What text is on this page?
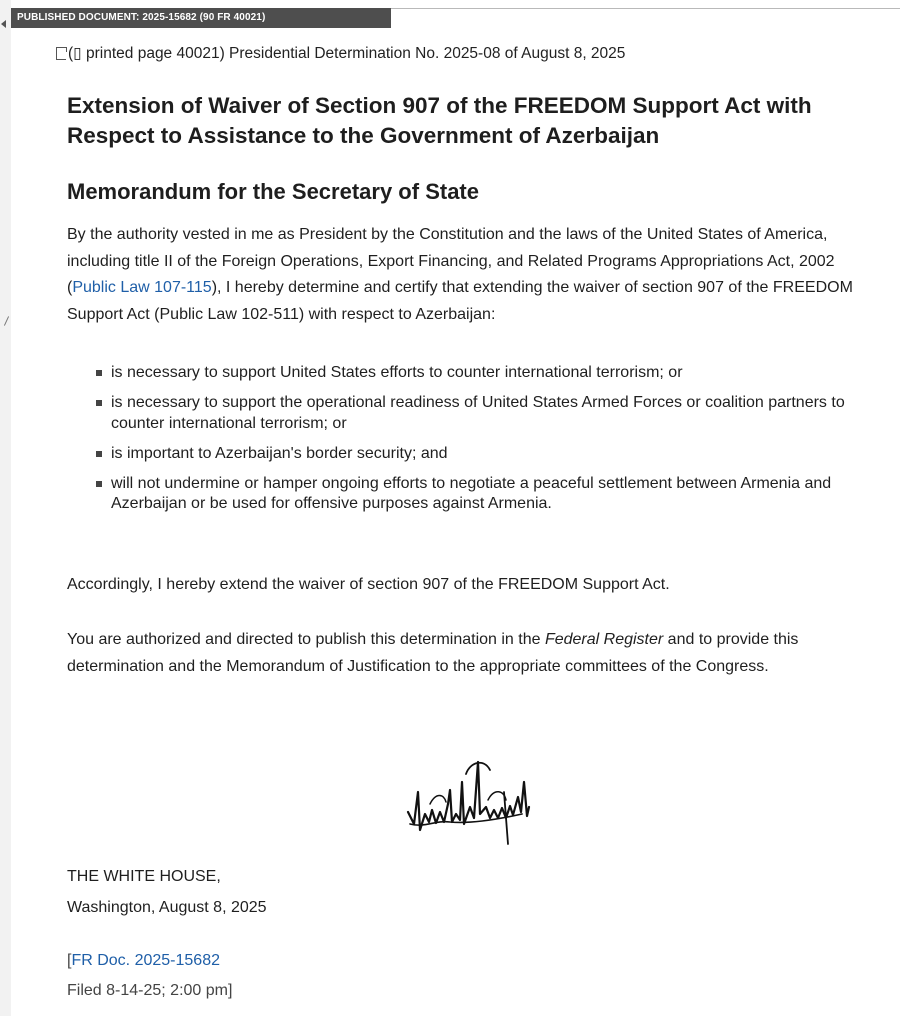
PUBLISHED DOCUMENT: 2025-15682 (90 FR 40021)
(▯ printed page 40021) Presidential Determination No. 2025-08 of August 8, 2025
Extension of Waiver of Section 907 of the FREEDOM Support Act with Respect to Assistance to the Government of Azerbaijan
Memorandum for the Secretary of State

By the authority vested in me as President by the Constitution and the laws of the United States of America, including title II of the Foreign Operations, Export Financing, and Related Programs Appropriations Act, 2002 (Public Law 107-115), I hereby determine and certify that extending the waiver of section 907 of the FREEDOM Support Act (Public Law 102-511) with respect to Azerbaijan:

is necessary to support United States efforts to counter international terrorism; or
is necessary to support the operational readiness of United States Armed Forces or coalition partners to counter international terrorism; or
is important to Azerbaijan's border security; and
will not undermine or hamper ongoing efforts to negotiate a peaceful settlement between Armenia and Azerbaijan or be used for offensive purposes against Armenia.

Accordingly, I hereby extend the waiver of section 907 of the FREEDOM Support Act.

You are authorized and directed to publish this determination in the Federal Register and to provide this determination and the Memorandum of Justification to the appropriate committees of the Congress.

THE WHITE HOUSE,

Washington, August 8, 2025

[FR Doc. 2025-15682

Filed 8-14-25; 2:00 pm]
